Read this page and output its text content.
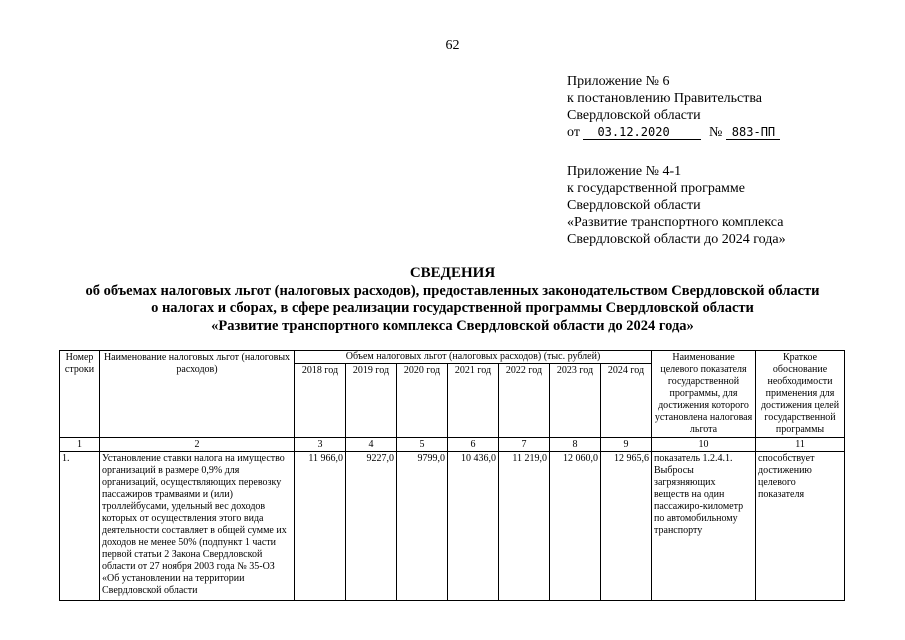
62
Приложение № 6
к постановлению Правительства
Свердловской области
от 03.12.2020	№ 883-ПП
Приложение № 4-1
к государственной программе
Свердловской области
«Развитие транспортного комплекса
Свердловской области до 2024 года»
СВЕДЕНИЯ
об объемах налоговых льгот (налоговых расходов), предоставленных законодательством Свердловской области
о налогах и сборах, в сфере реализации государственной программы Свердловской области
«Развитие транспортного комплекса Свердловской области до 2024 года»
Номер строки	Наименование налоговых льгот (налоговых расходов)	Объем налоговых льгот (налоговых расходов) (тыс. рублей)							Наименование целевого показателя государственной программы, для достижения которого установлена налоговая льгота	Краткое обоснование необходимости применения для достижения целей государственной программы
		2018 год	2019 год	2020 год	2021 год	2022 год	2023 год	2024 год		
1	2	3	4	5	6	7	8	9	10	11
1.	Установление ставки налога на имущество организаций в размере 0,9% для организаций, осуществляющих перевозку пассажиров трамваями и (или) троллейбусами, удельный вес доходов которых от осуществления этого вида деятельности составляет в общей сумме их доходов не менее 50% (подпункт 1 части первой статьи 2 Закона Свердловской области от 27 ноября 2003 года № 35-ОЗ «Об установлении на территории Свердловской области	11 966,0	9227,0	9799,0	10 436,0	11 219,0	12 060,0	12 965,6	показатель 1.2.4.1. Выбросы загрязняющих веществ на один пассажиро-километр по автомобильному транспорту	способствует достижению целевого показателя
